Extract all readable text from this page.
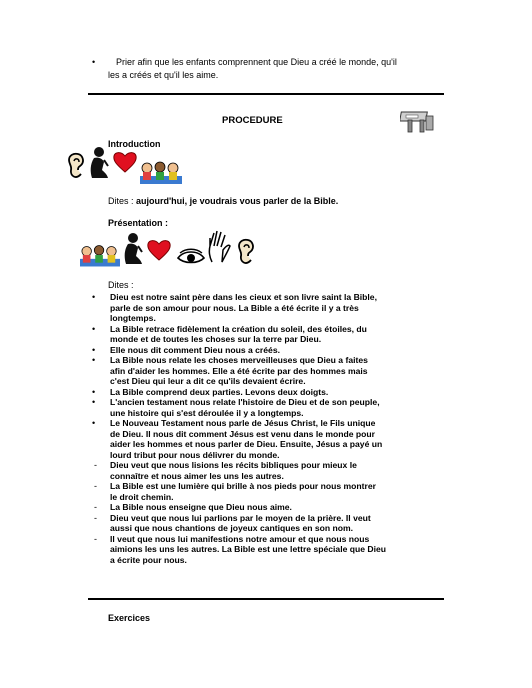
• Prier afin que les enfants comprennent que Dieu a créé le monde, qu'il
les a créés et qu'il les aime.
PROCEDURE
Introduction
Dites : aujourd'hui, je voudrais vous parler de la Bible.
Présentation :
Dites :
• Dieu est notre saint père dans les cieux et son livre saint la Bible,
parle de son amour pour nous. La Bible a été écrite il y a très
longtemps.
• La Bible retrace fidèlement la création du soleil, des étoiles, du
monde et de toutes les choses sur la terre par Dieu.
• Elle nous dit comment Dieu nous a créés.
• La Bible nous relate les choses merveilleuses que Dieu a faites
afin d'aider les hommes. Elle a été écrite par des hommes mais
c'est Dieu qui leur a dit ce qu'ils devaient écrire.
• La Bible comprend deux parties. Levons deux doigts.
• L'ancien testament nous relate l'histoire de Dieu et de son peuple,
une histoire qui s'est déroulée il y a longtemps.
• Le Nouveau Testament nous parle de Jésus Christ, le Fils unique
de Dieu. Il nous dit comment Jésus est venu dans le monde pour
aider les hommes et nous parler de Dieu. Ensuite, Jésus a payé un
lourd tribut pour nous délivrer du monde.
- Dieu veut que nous lisions les récits bibliques pour mieux le
connaître et nous aimer les uns les autres.
- La Bible est une lumière qui brille à nos pieds pour nous montrer
le droit chemin.
- La Bible nous enseigne que Dieu nous aime.
- Dieu veut que nous lui parlions par le moyen de la prière. Il veut
aussi que nous chantions de joyeux cantiques en son nom.
- Il veut que nous lui manifestions notre amour et que nous nous
aimions les uns les autres. La Bible est une lettre spéciale que Dieu
a écrite pour nous.
Exercices
